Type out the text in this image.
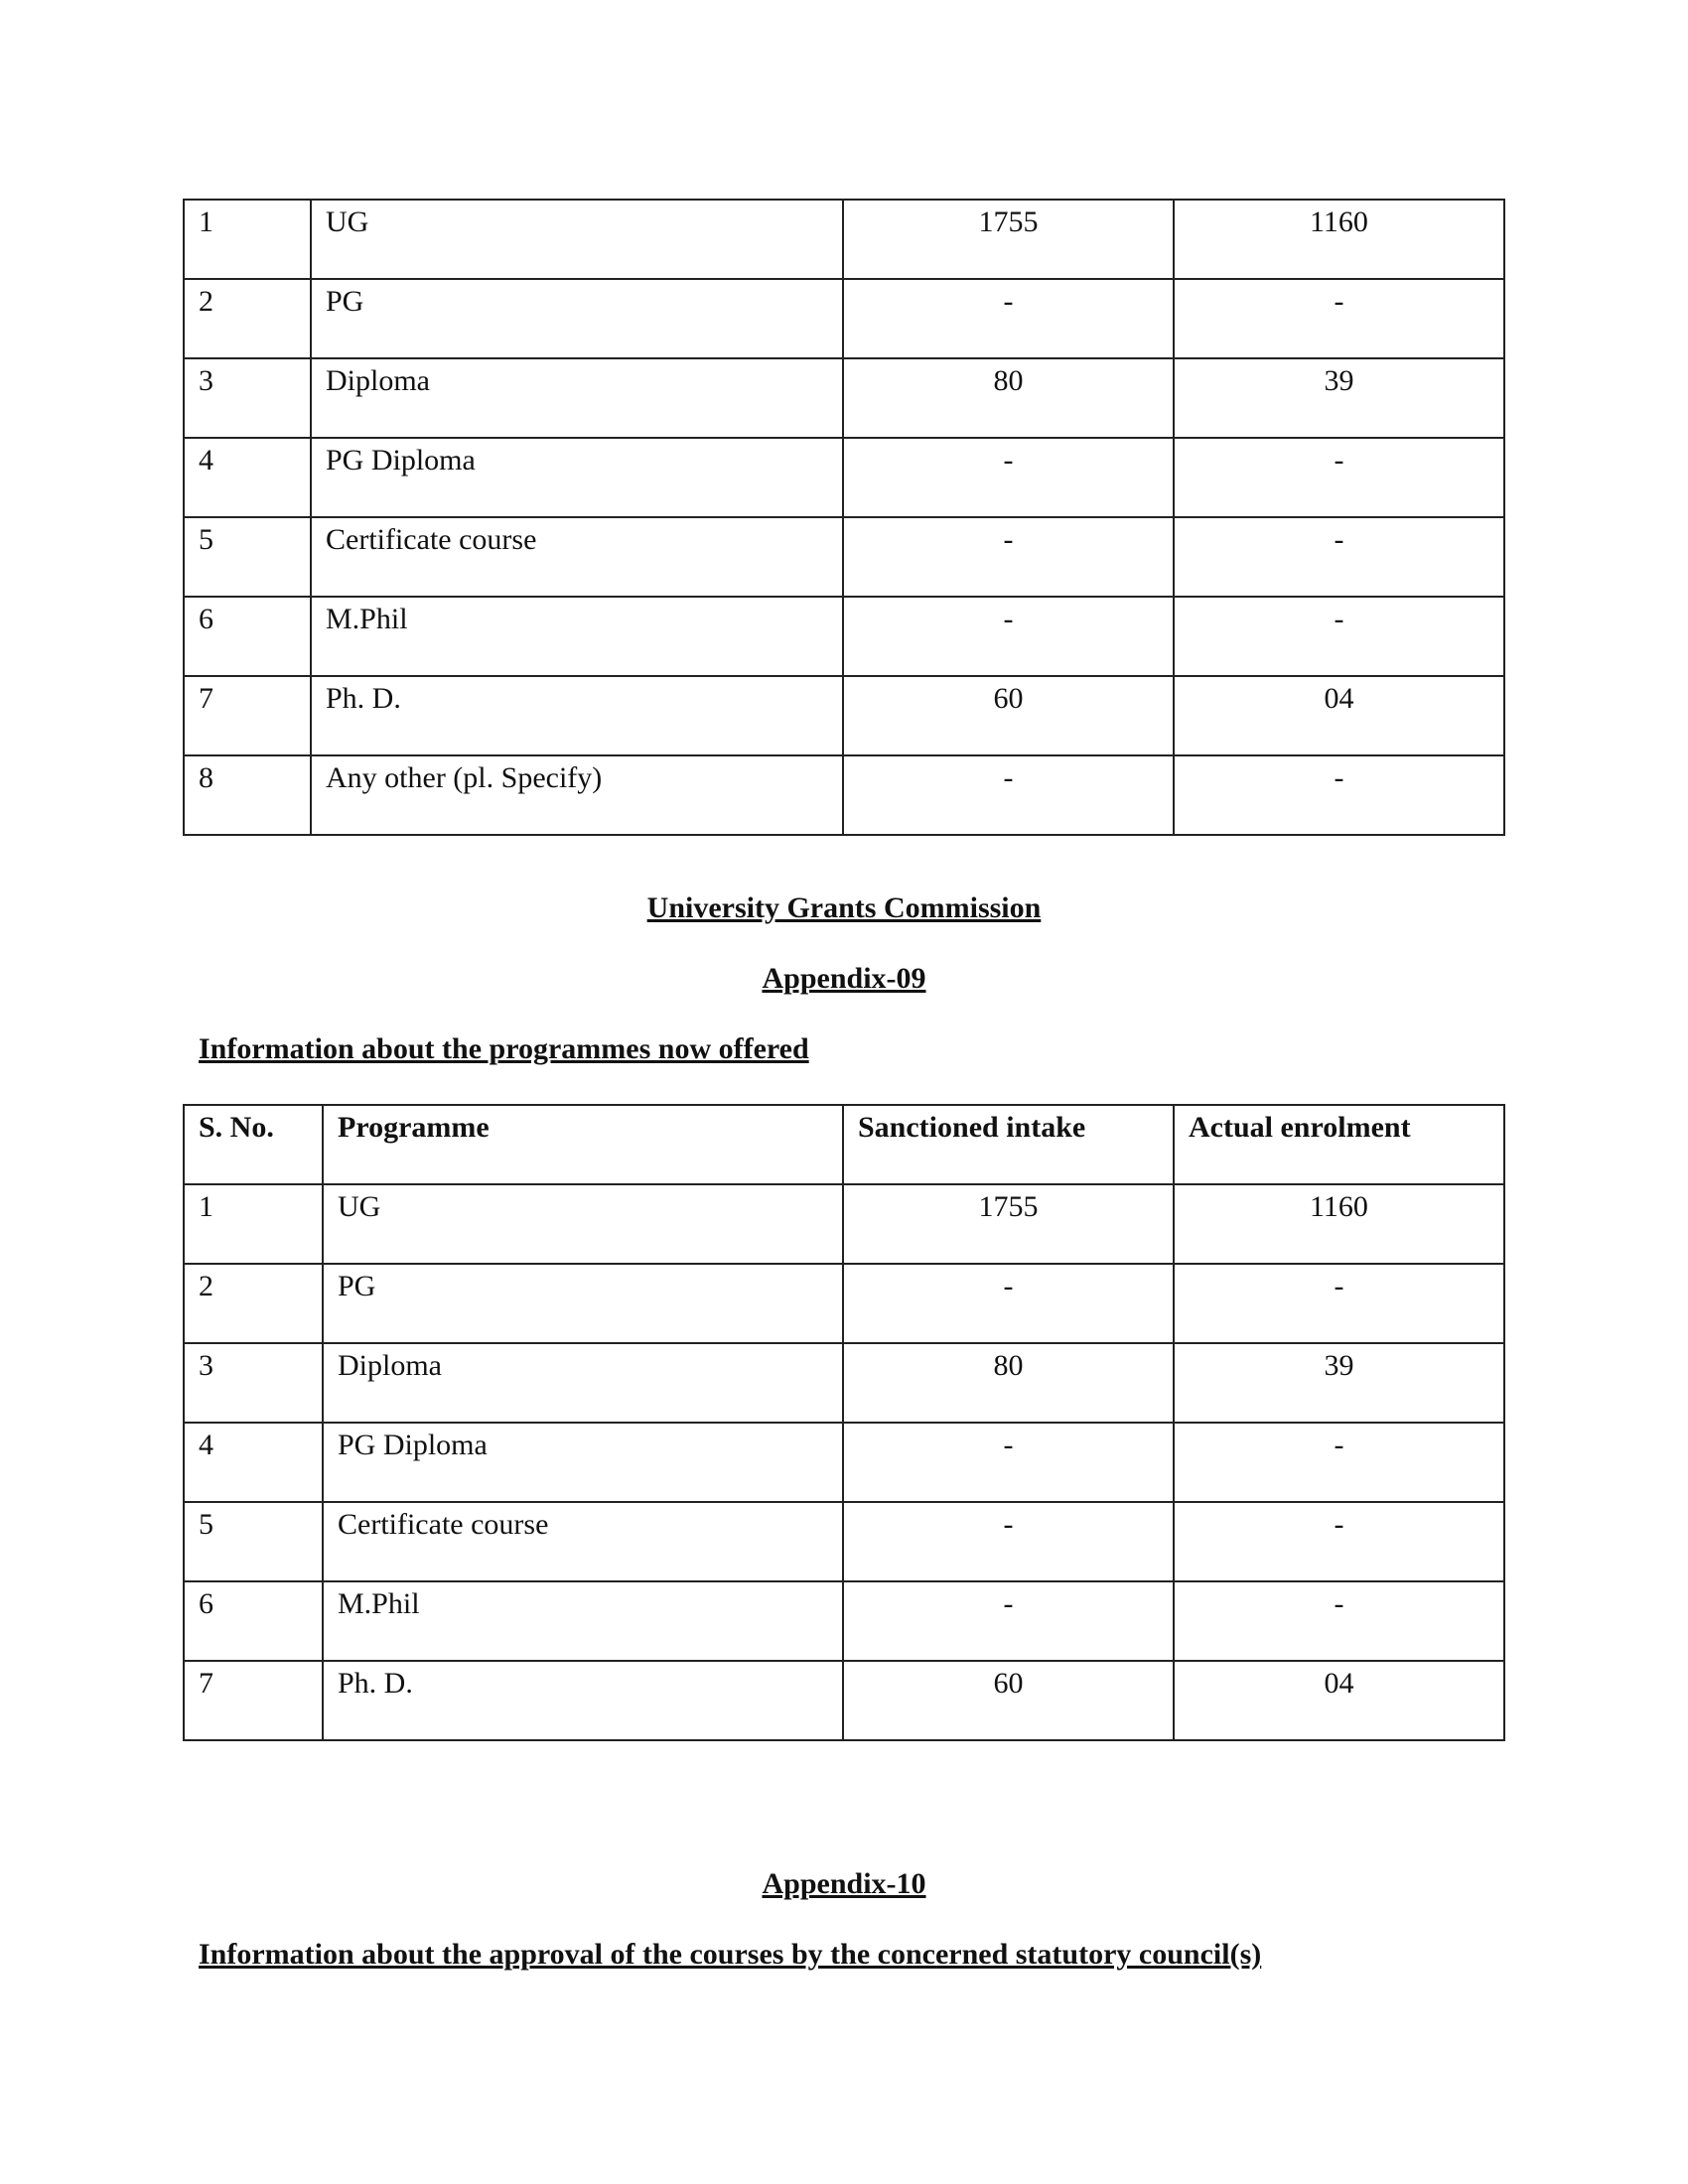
1	UG	1755	1160
2	PG	-	-
3	Diploma	80	39
4	PG Diploma	-	-
5	Certificate course	-	-
6	M.Phil	-	-
7	Ph. D.	60	04
8	Any other (pl. Specify)	-	-
University Grants Commission
Appendix-09
Information about the programmes now offered
S. No.	Programme	Sanctioned intake	Actual enrolment
1	UG	1755	1160
2	PG	-	-
3	Diploma	80	39
4	PG Diploma	-	-
5	Certificate course	-	-
6	M.Phil	-	-
7	Ph. D.	60	04
Appendix-10
Information about the approval of the courses by the concerned statutory council(s)
